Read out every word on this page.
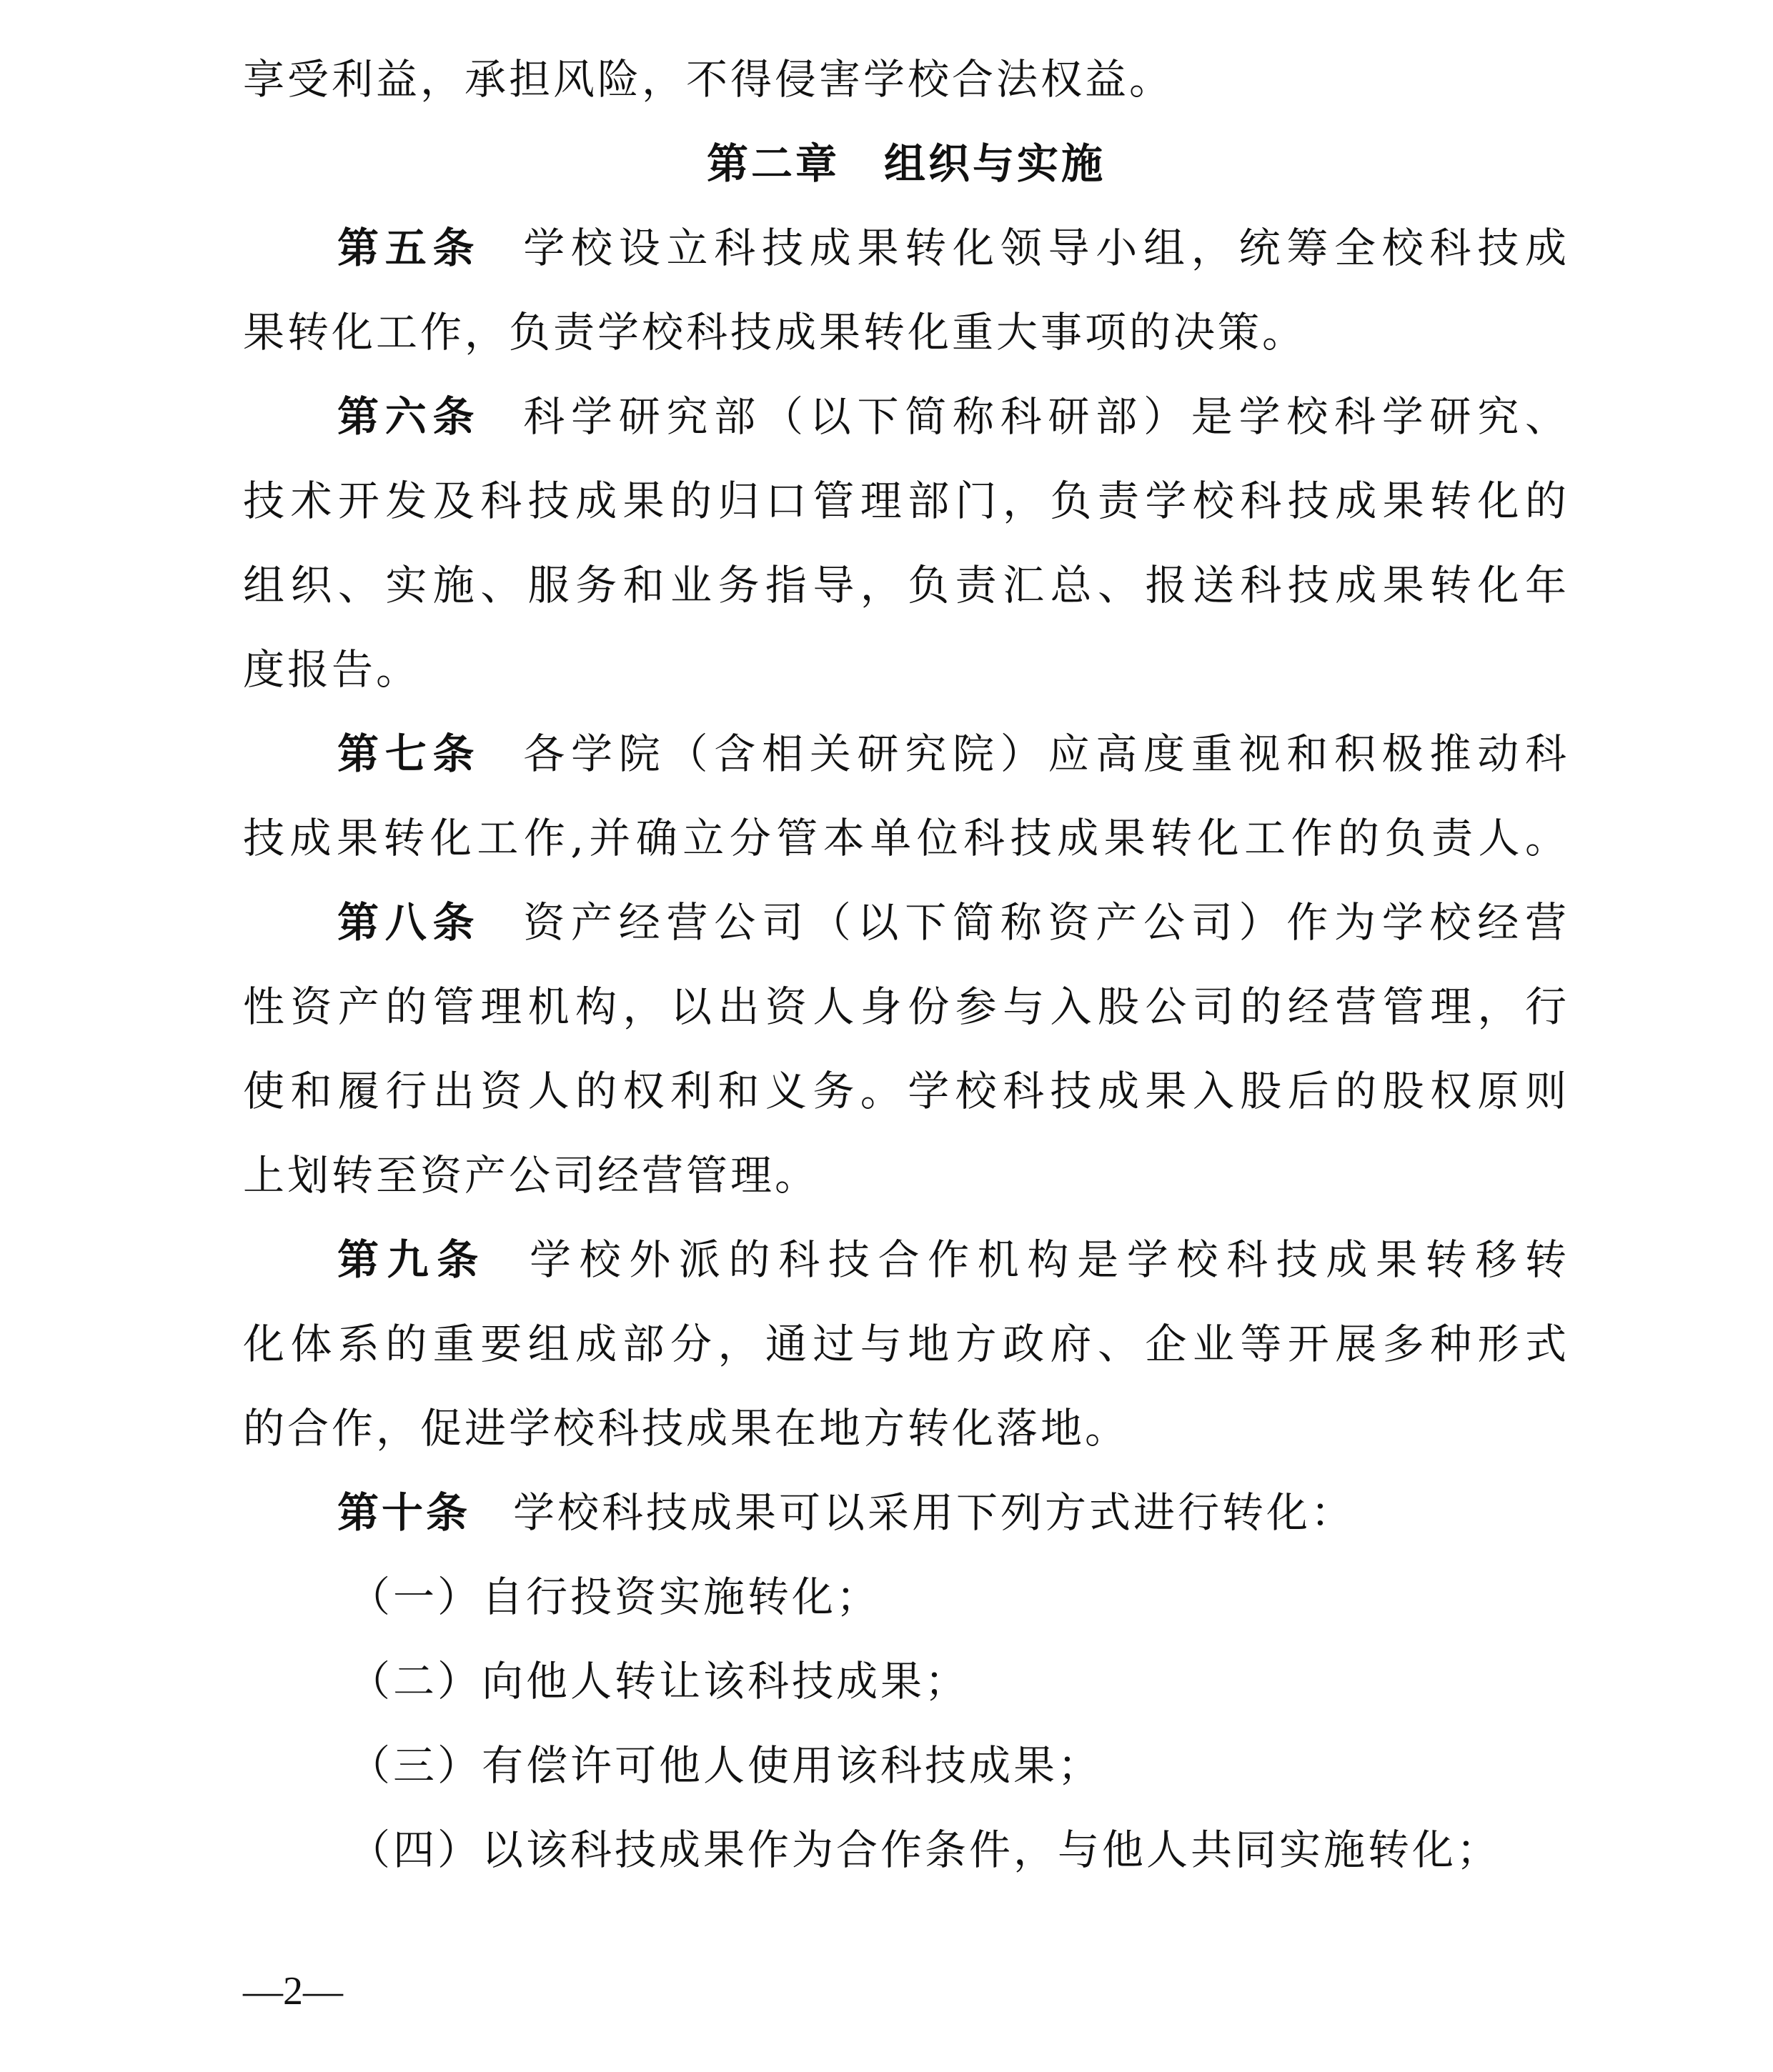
享受利益，承担风险，不得侵害学校合法权益。
第二章　组织与实施
第五条 学校设立科技成果转化领导小组，统筹全校科技成
果转化工作，负责学校科技成果转化重大事项的决策。
第六条 科学研究部（以下简称科研部）是学校科学研究、
技术开发及科技成果的归口管理部门，负责学校科技成果转化的
组织、实施、服务和业务指导，负责汇总、报送科技成果转化年
度报告。
第七条 各学院（含相关研究院）应高度重视和积极推动科
技成果转化工作,并确立分管本单位科技成果转化工作的负责人。
第八条 资产经营公司（以下简称资产公司）作为学校经营
性资产的管理机构，以出资人身份参与入股公司的经营管理，行
使和履行出资人的权利和义务。学校科技成果入股后的股权原则
上划转至资产公司经营管理。
第九条 学校外派的科技合作机构是学校科技成果转移转
化体系的重要组成部分，通过与地方政府、企业等开展多种形式
的合作，促进学校科技成果在地方转化落地。
第十条 学校科技成果可以采用下列方式进行转化：
（一）自行投资实施转化；
（二）向他人转让该科技成果；
（三）有偿许可他人使用该科技成果；
（四）以该科技成果作为合作条件，与他人共同实施转化；
—2—
